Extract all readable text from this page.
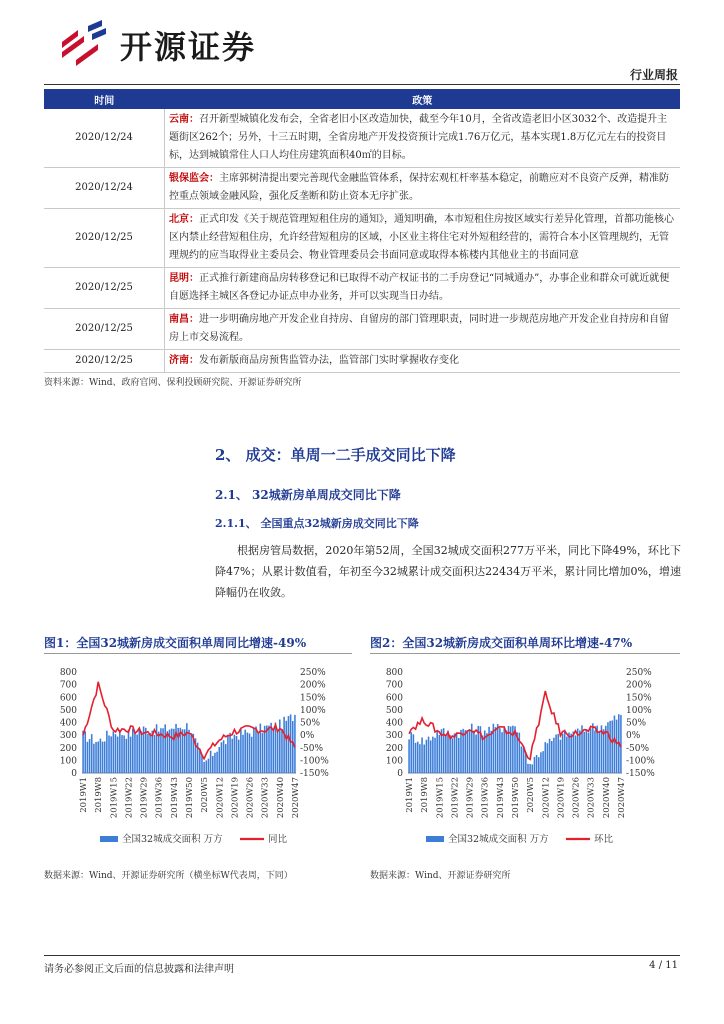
开源证券
行业周报
时间	政策
2020/12/24	云南：召开新型城镇化发布会，全省老旧小区改造加快，截至今年10月，全省改造老旧小区3032个、改造提升主题街区262个；另外，十三五时期，全省房地产开发投资预计完成1.76万亿元，基本实现1.8万亿元左右的投资目标，达到城镇常住人口人均住房建筑面积40㎡的目标。
2020/12/24	银保监会：主席郭树清提出要完善现代金融监管体系，保持宏观杠杆率基本稳定，前瞻应对不良资产反弹，精准防控重点领域金融风险，强化反垄断和防止资本无序扩张。
2020/12/25	北京：正式印发《关于规范管理短租住房的通知》，通知明确，本市短租住房按区域实行差异化管理，首都功能核心区内禁止经营短租住房，允许经营短租房的区域，小区业主将住宅对外短租经营的，需符合本小区管理规约，无管理规约的应当取得业主委员会、物业管理委员会书面同意或取得本栋楼内其他业主的书面同意
2020/12/25	昆明：正式推行新建商品房转移登记和已取得不动产权证书的二手房登记“同城通办”，办事企业和群众可就近就便自愿选择主城区各登记办证点申办业务，并可以实现当日办结。
2020/12/25	南昌：进一步明确房地产开发企业自持房、自留房的部门管理职责，同时进一步规范房地产开发企业自持房和自留房上市交易流程。
2020/12/25	济南：发布新版商品房预售监管办法，监管部门实时掌握收存变化
资料来源：Wind、政府官网、保利投顾研究院、开源证券研究所
2、 成交：单周一二手成交同比下降
2.1、 32城新房单周成交同比下降
2.1.1、 全国重点32城新房成交同比下降
根据房管局数据，2020年第52周，全国32城成交面积277万平米，同比下降49%，环比下降47%；从累计数值看，年初至今32城累计成交面积达22434万平米，累计同比增加0%，增速降幅仍在收敛。
图1：全国32城新房成交面积单周同比增速-49%	图2：全国32城新房成交面积单周环比增速-47%
0
100
200
300
400
500
600
700
800
-150%
-100%
-50%
0%
50%
100%
150%
200%
250%
2019W1 2019W8 2019W15 2019W22 2019W29 2019W36 2019W43 2019W50 2020W5 2020W12 2020W19 2020W26 2020W33 2020W40 2020W47
全国32城成交面积 万方	同比
0
100
200
300
400
500
600
700
800
-150%
-100%
-50%
0%
50%
100%
150%
200%
250%
2019W1 2019W8 2019W15 2019W22 2019W29 2019W36 2019W43 2019W50 2020W5 2020W12 2020W19 2020W26 2020W33 2020W40 2020W47
全国32城成交面积 万方	环比
数据来源：Wind、开源证券研究所（横坐标W代表周，下同）	数据来源：Wind、开源证券研究所
请务必参阅正文后面的信息披露和法律声明	4 / 11
